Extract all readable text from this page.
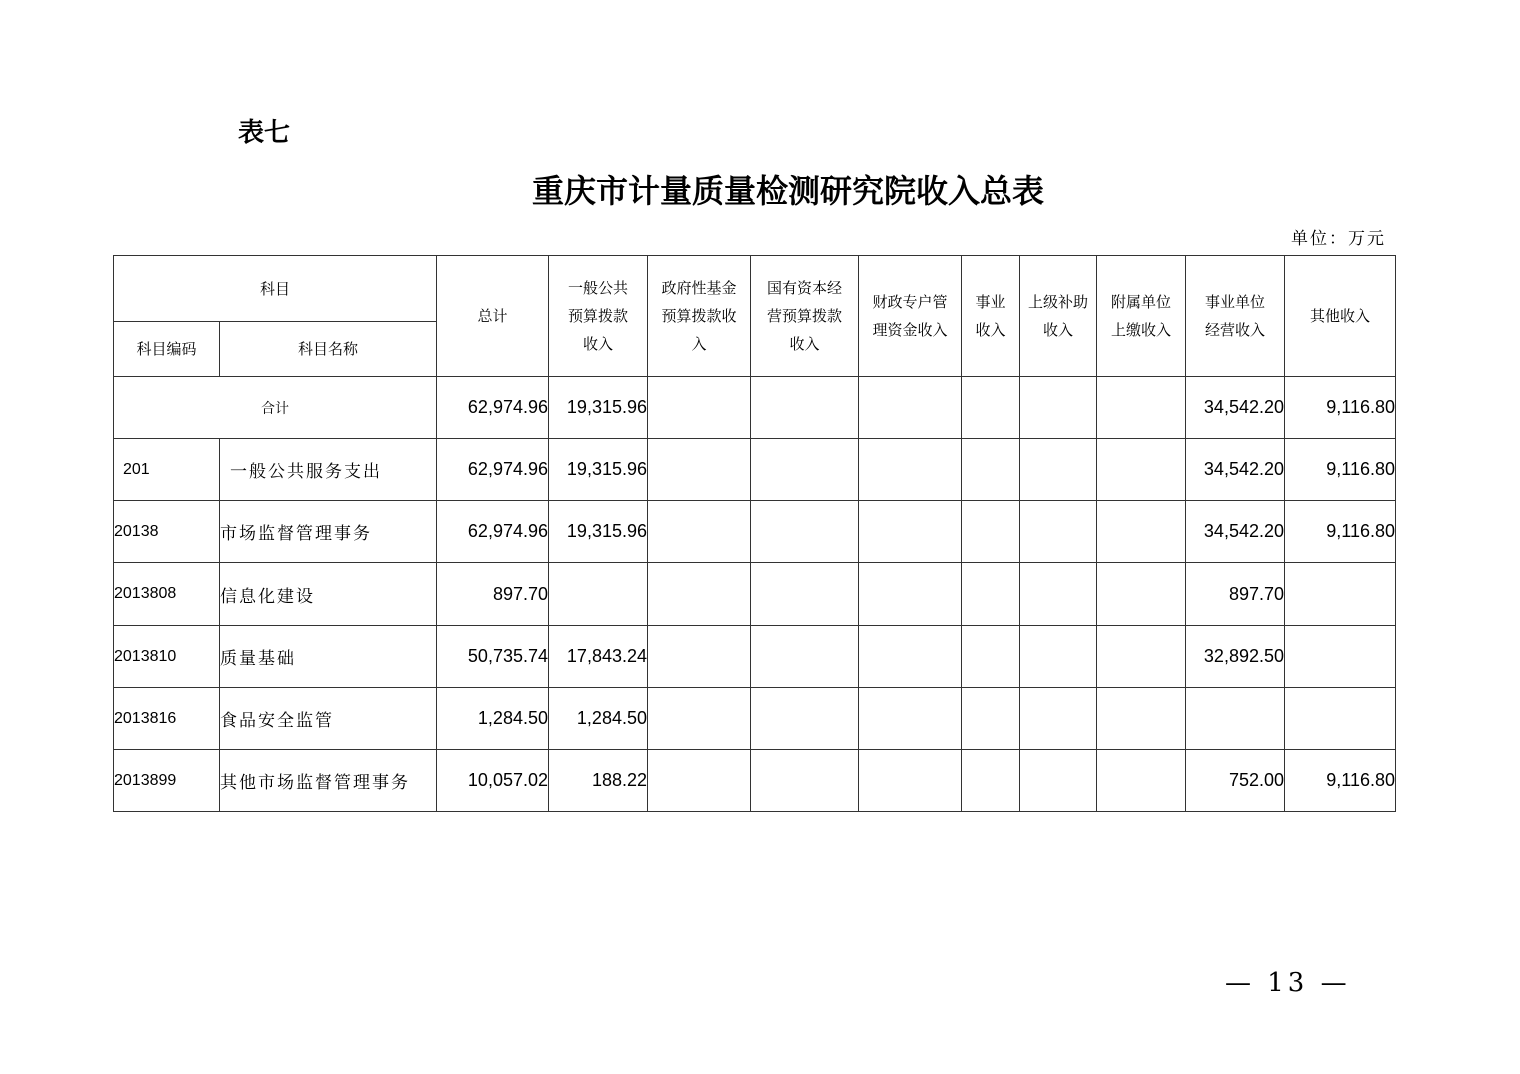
表七
重庆市计量质量检测研究院收入总表
单位：万元
科目		总计	一般公共预算拨款收入	政府性基金预算拨款收入	国有资本经营预算拨款收入	财政专户管理资金收入	事业收入	上级补助收入	附属单位上缴收入	事业单位经营收入	其他收入
科目编码	科目名称										
合计		62,974.96	19,315.96							34,542.20	9,116.80
201	一般公共服务支出	62,974.96	19,315.96							34,542.20	9,116.80
20138	市场监督管理事务	62,974.96	19,315.96							34,542.20	9,116.80
2013808	信息化建设	897.70								897.70	
2013810	质量基础	50,735.74	17,843.24							32,892.50	
2013816	食品安全监管	1,284.50	1,284.50								
2013899	其他市场监督管理事务	10,057.02	188.22							752.00	9,116.80
— 13 —
